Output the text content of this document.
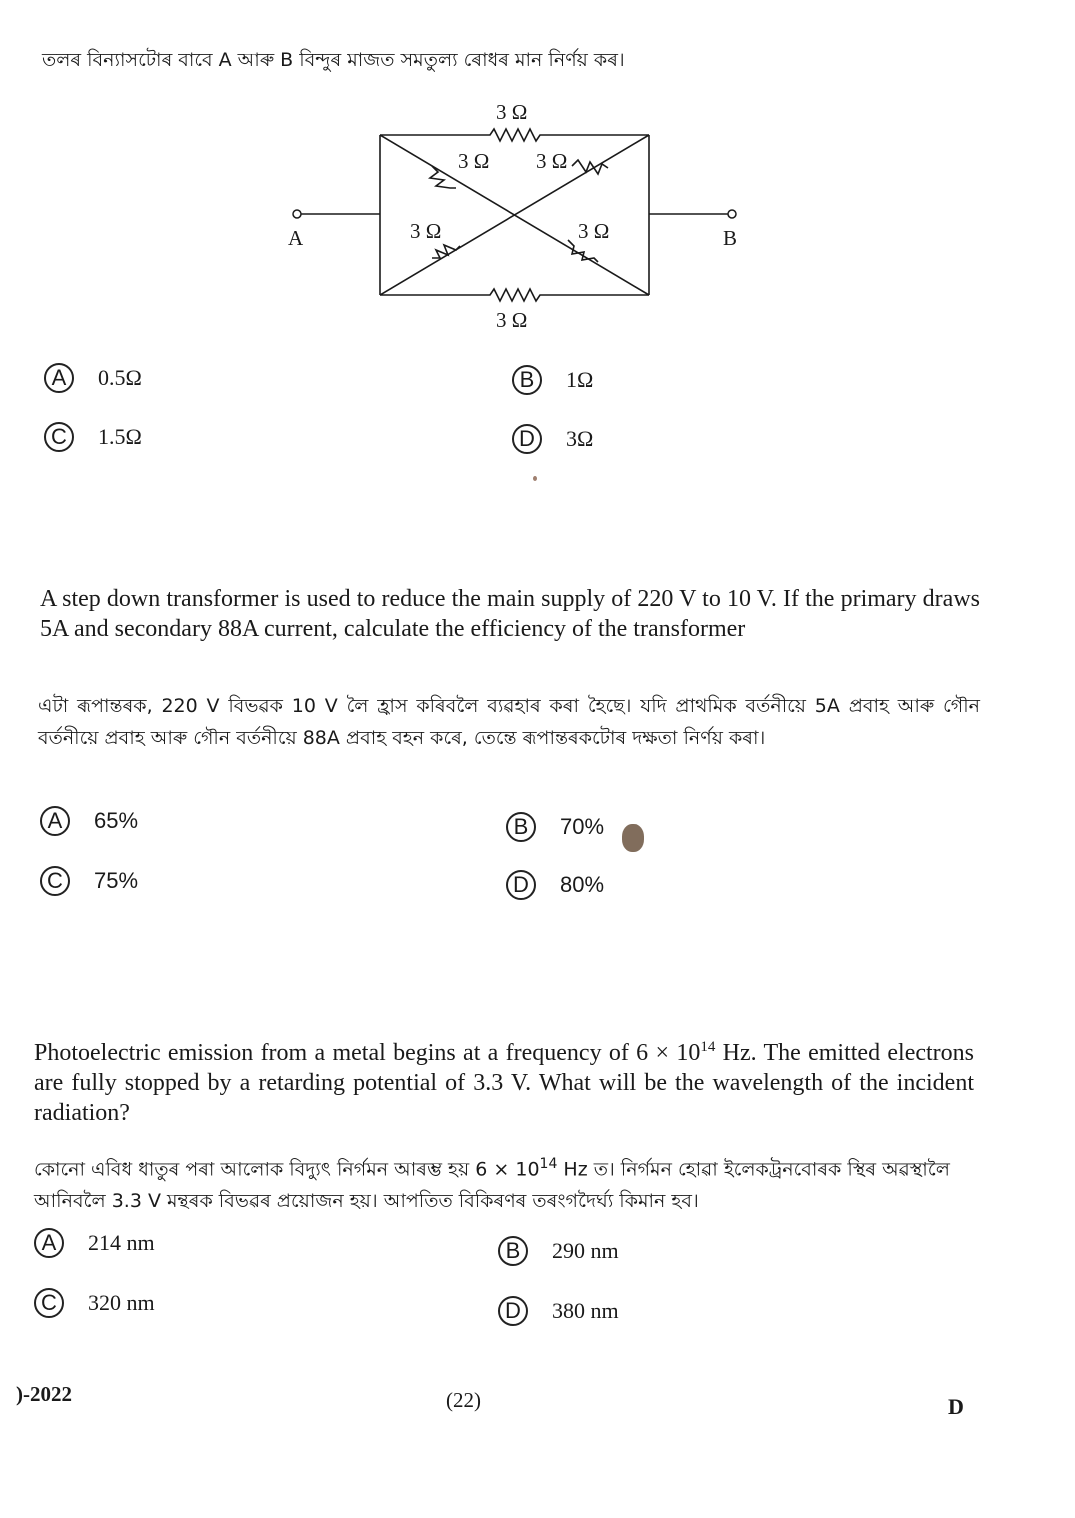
তলৰ বিন্যাসটোৰ বাবে A আৰু B বিন্দুৰ মাজত সমতুল্য ৰোধৰ মান নিৰ্ণয় কৰ।
3 Ω
3 Ω
3 Ω 3 Ω
3 Ω	3 Ω
A	B
A	0.5Ω	B	1Ω
C	1.5Ω	D	3Ω
A step down transformer is used to reduce the main supply of 220 V to 10 V. If the primary draws 5A and secondary 88A current, calculate the efficiency of the transformer
এটা ৰূপান্তৰক, 220 V বিভৱক 10 V লৈ হ্ৰাস কৰিবলৈ ব্যৱহাৰ কৰা হৈছে। যদি প্ৰাথমিক বৰ্তনীয়ে 5A প্ৰবাহ আৰু গৌন বৰ্তনীয়ে প্ৰবাহ আৰু গৌন বৰ্তনীয়ে 88A প্ৰবাহ বহন কৰে, তেন্তে ৰূপান্তৰকটোৰ দক্ষতা নিৰ্ণয় কৰা।
A	65%	B	70%
C	75%	D	80%
Photoelectric emission from a metal begins at a frequency of $6 \times 10^{14}$ Hz. The emitted electrons are fully stopped by a retarding potential of 3.3 V. What will be the wavelength of the incident radiation?
কোনো এবিধ ধাতুৰ পৰা আলোক বিদ্যুৎ নিৰ্গমন আৰম্ভ হয় $6 \times 10^{14}$ Hz ত। নিৰ্গমন হোৱা ইলেকট্ৰনবোৰক স্থিৰ অৱস্থালৈ আনিবলৈ 3.3 V মন্থৰক বিভৱৰ প্ৰয়োজন হয়। আপতিত বিকিৰণৰ তৰংগদৈৰ্ঘ্য কিমান হব।
A	214 nm	B	290 nm
C	320 nm	D	380 nm
)-2022	(22)	D
